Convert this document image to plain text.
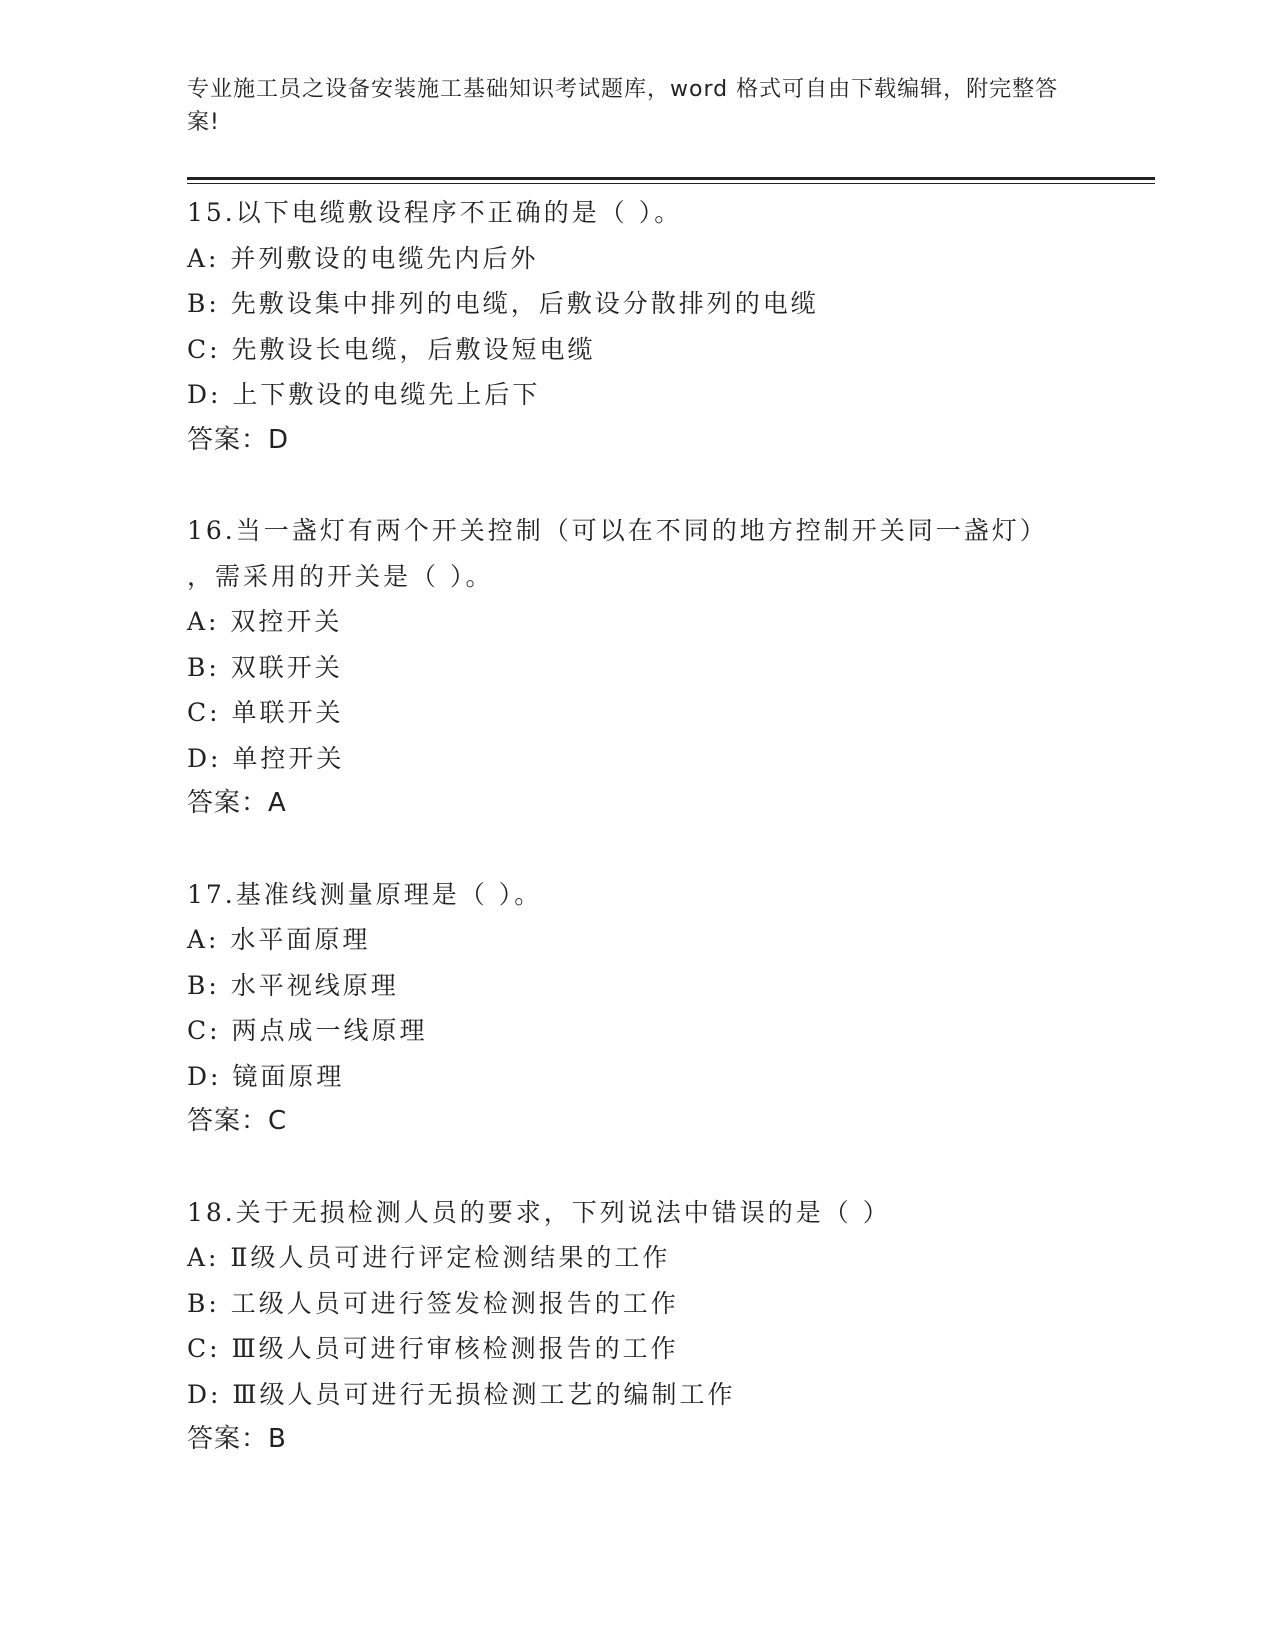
专业施工员之设备安装施工基础知识考试题库，word 格式可自由下载编辑，附完整答案!
15.以下电缆敷设程序不正确的是（ ）。
A: 并列敷设的电缆先内后外
B: 先敷设集中排列的电缆，后敷设分散排列的电缆
C: 先敷设长电缆，后敷设短电缆
D: 上下敷设的电缆先上后下
答案：D
16.当一盏灯有两个开关控制（可以在不同的地方控制开关同一盏灯）
，需采用的开关是（ ）。
A: 双控开关
B: 双联开关
C: 单联开关
D: 单控开关
答案：A
17.基准线测量原理是（ ）。
A: 水平面原理
B: 水平视线原理
C: 两点成一线原理
D: 镜面原理
答案：C
18.关于无损检测人员的要求，下列说法中错误的是（ ）
A: Ⅱ级人员可进行评定检测结果的工作
B: 工级人员可进行签发检测报告的工作
C: Ⅲ级人员可进行审核检测报告的工作
D: Ⅲ级人员可进行无损检测工艺的编制工作
答案：B
